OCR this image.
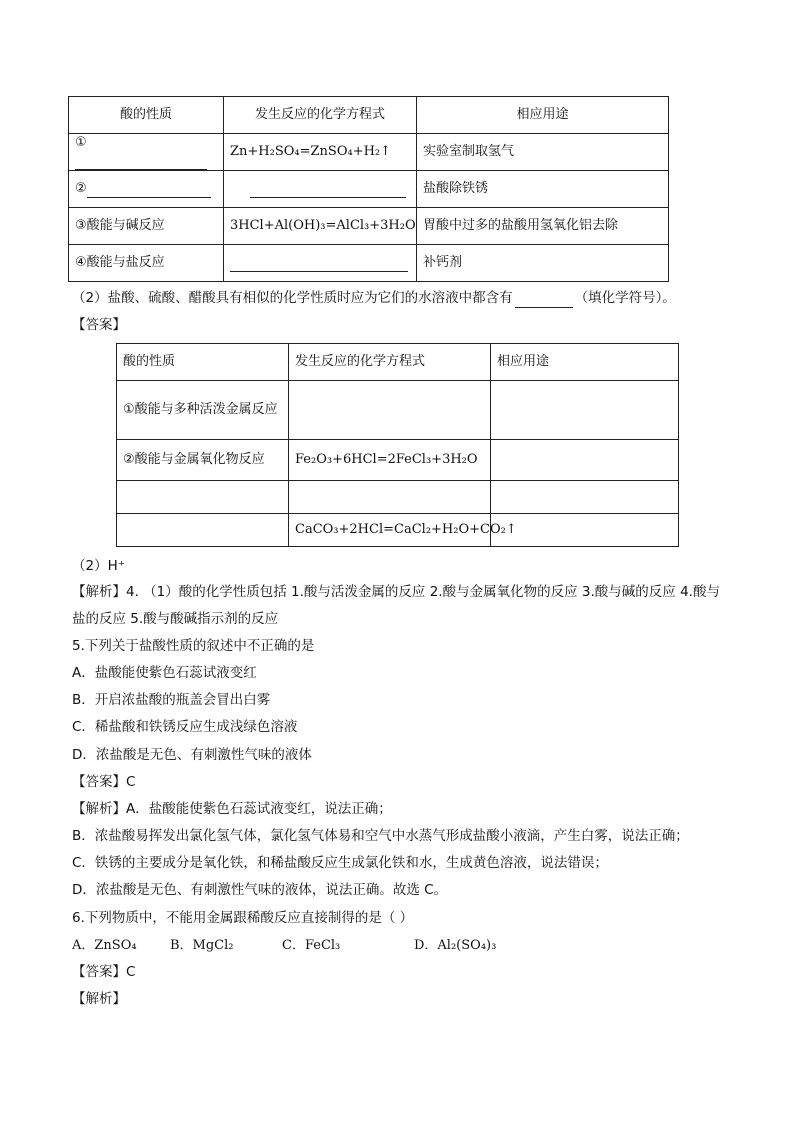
酸的性质	发生反应的化学方程式	相应用途
①	Zn+H₂SO₄=ZnSO₄+H₂↑	实验室制取氢气
②		盐酸除铁锈
③酸能与碱反应	3HCl+Al(OH)₃=AlCl₃+3H₂O	胃酸中过多的盐酸用氢氧化铝去除
④酸能与盐反应		补钙剂
（2）盐酸、硫酸、醋酸具有相似的化学性质时应为它们的水溶液中都含有	（填化学符号）。
【答案】
酸的性质	发生反应的化学方程式	相应用途
①酸能与多种活泼金属反应		
②酸能与金属氧化物反应	Fe₂O₃+6HCl=2FeCl₃+3H₂O	

	CaCO₃+2HCl=CaCl₂+H₂O+CO₂↑	
（2）H⁺
【解析】4. （1）酸的化学性质包括 1.酸与活泼金属的反应 2.酸与金属氧化物的反应 3.酸与碱的反应 4.酸与
盐的反应 5.酸与酸碱指示剂的反应
5.下列关于盐酸性质的叙述中不正确的是
A．盐酸能使紫色石蕊试液变红
B．开启浓盐酸的瓶盖会冒出白雾
C．稀盐酸和铁锈反应生成浅绿色溶液
D．浓盐酸是无色、有刺激性气味的液体
【答案】C
【解析】A．盐酸能使紫色石蕊试液变红，说法正确；
B．浓盐酸易挥发出氯化氢气体，氯化氢气体易和空气中水蒸气形成盐酸小液滴，产生白雾，说法正确；
C．铁锈的主要成分是氧化铁，和稀盐酸反应生成氯化铁和水，生成黄色溶液，说法错误；
D．浓盐酸是无色、有刺激性气味的液体，说法正确。故选 C。
6.下列物质中，不能用金属跟稀酸反应直接制得的是（ ）
A．ZnSO₄	B．MgCl₂	C．FeCl₃	D．Al₂(SO₄)₃
【答案】C
【解析】
